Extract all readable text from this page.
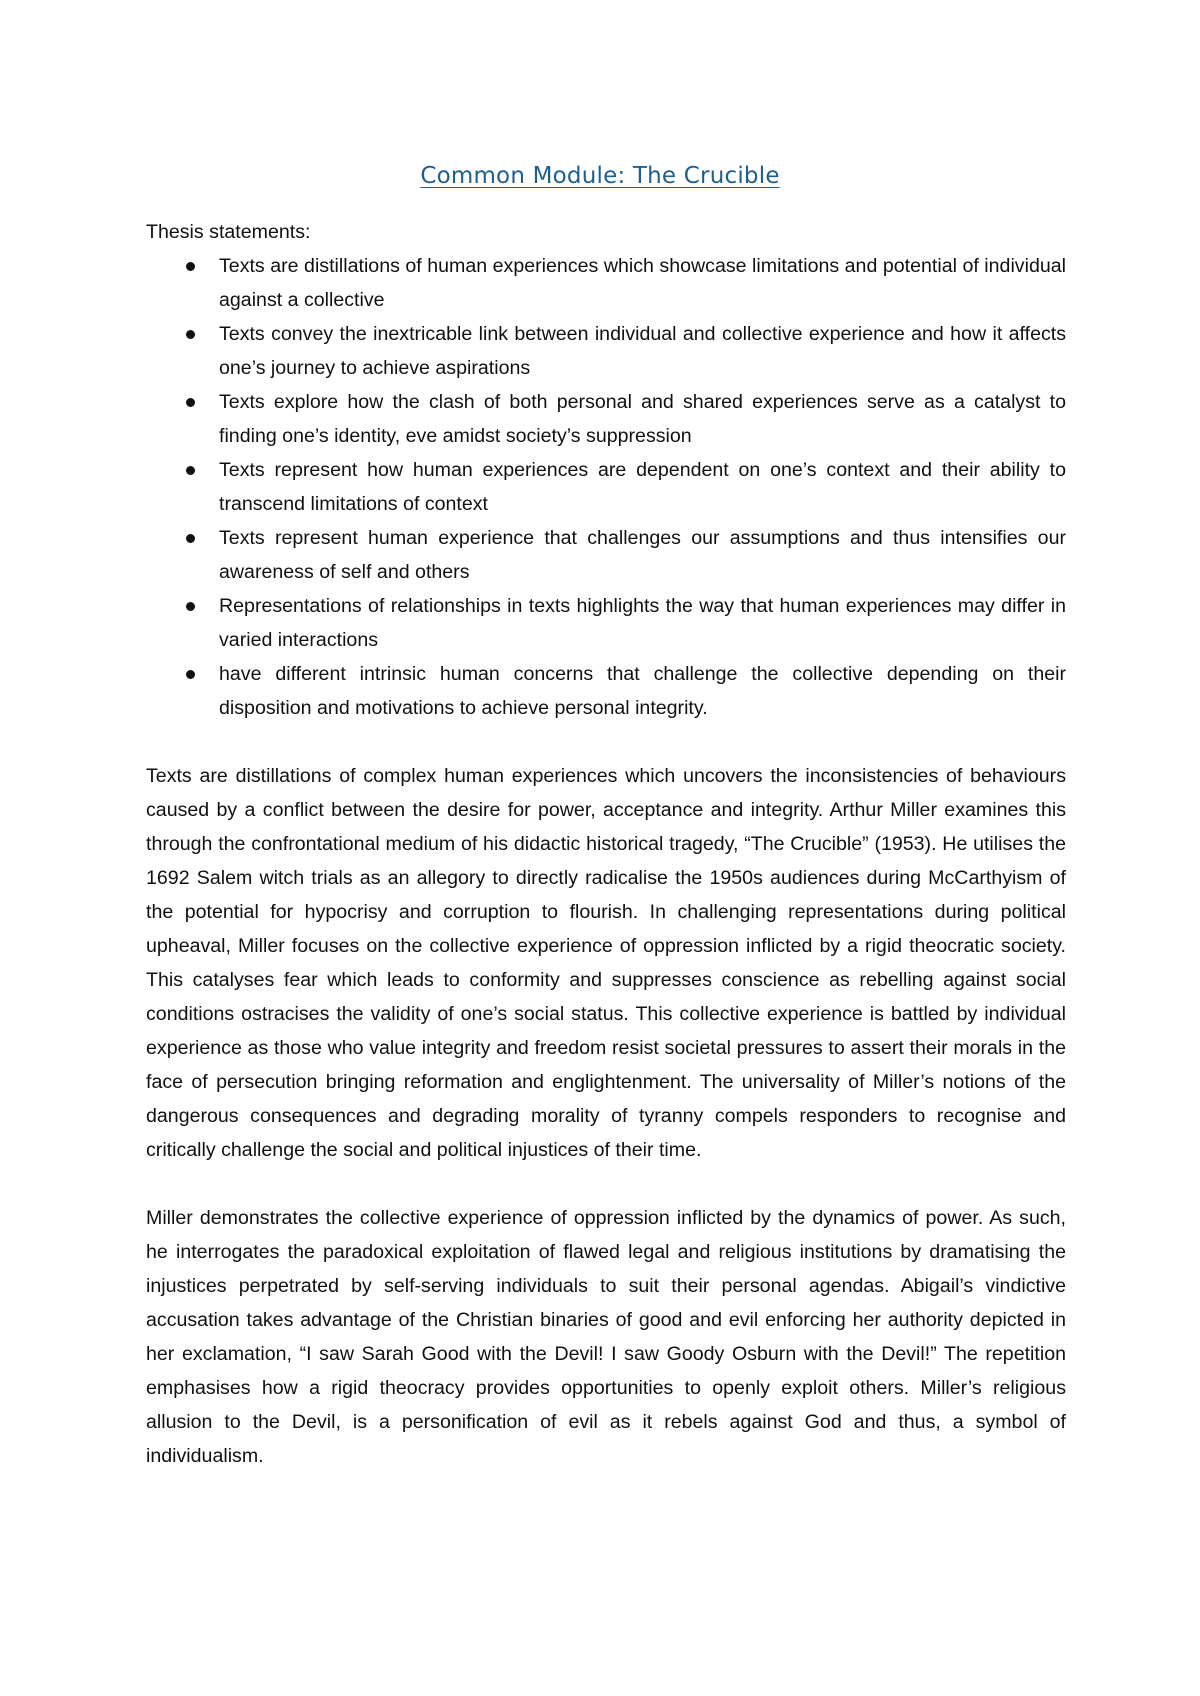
Common Module: The Crucible

Thesis statements:

Texts are distillations of human experiences which showcase limitations and potential of individual against a collective
Texts convey the inextricable link between individual and collective experience and how it affects one’s journey to achieve aspirations
Texts explore how the clash of both personal and shared experiences serve as a catalyst to finding one’s identity, eve amidst society’s suppression
Texts represent how human experiences are dependent on one’s context and their ability to transcend limitations of context
Texts represent human experience that challenges our assumptions and thus intensifies our awareness of self and others
Representations of relationships in texts highlights the way that human experiences may differ in varied interactions
have different intrinsic human concerns that challenge the collective depending on their disposition and motivations to achieve personal integrity.

Texts are distillations of complex human experiences which uncovers the inconsistencies of behaviours caused by a conflict between the desire for power, acceptance and integrity. Arthur Miller examines this through the confrontational medium of his didactic historical tragedy, “The Crucible” (1953). He utilises the 1692 Salem witch trials as an allegory to directly radicalise the 1950s audiences during McCarthyism of the potential for hypocrisy and corruption to flourish. In challenging representations during political upheaval, Miller focuses on the collective experience of oppression inflicted by a rigid theocratic society. This catalyses fear which leads to conformity and suppresses conscience as rebelling against social conditions ostracises the validity of one’s social status. This collective experience is battled by individual experience as those who value integrity and freedom resist societal pressures to assert their morals in the face of persecution bringing reformation and englightenment. The universality of Miller’s notions of the dangerous consequences and degrading morality of tyranny compels responders to recognise and critically challenge the social and political injustices of their time.

Miller demonstrates the collective experience of oppression inflicted by the dynamics of power. As such, he interrogates the paradoxical exploitation of flawed legal and religious institutions by dramatising the injustices perpetrated by self-serving individuals to suit their personal agendas. Abigail’s vindictive accusation takes advantage of the Christian binaries of good and evil enforcing her authority depicted in her exclamation, “I saw Sarah Good with the Devil! I saw Goody Osburn with the Devil!” The repetition emphasises how a rigid theocracy provides opportunities to openly exploit others. Miller’s religious allusion to the Devil, is a personification of evil as it rebels against God and thus, a symbol of individualism.
